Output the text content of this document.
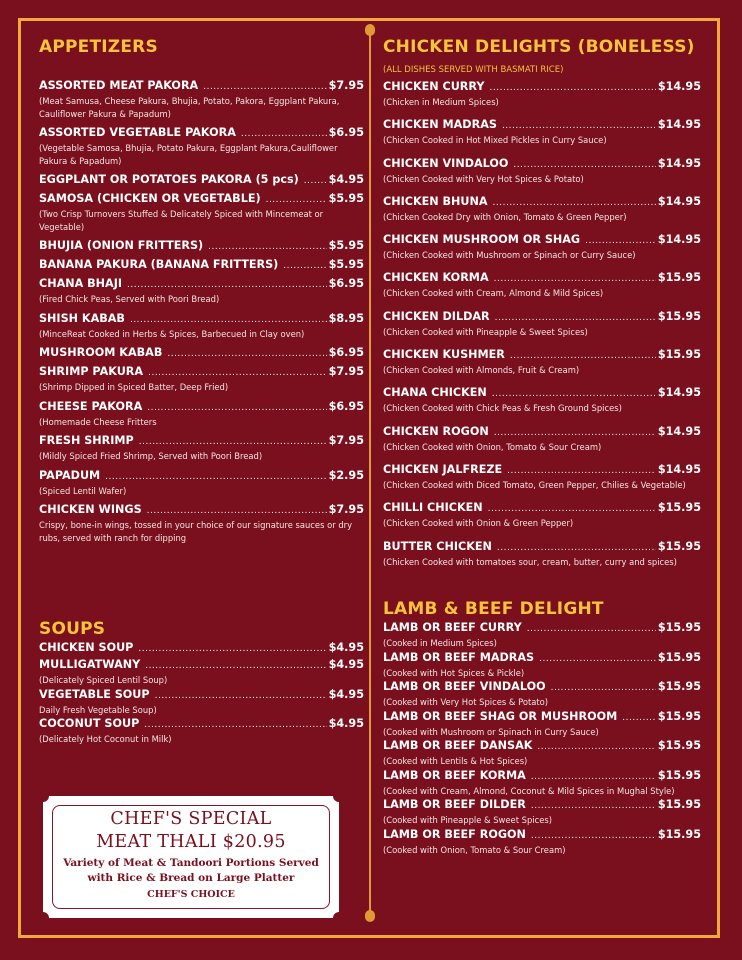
APPETIZERS
ASSORTED MEAT PAKORA .....	$7.95
(Meat Samusa, Cheese Pakura, Bhujia, Potato, Pakora, Eggplant Pakura, Cauliflower Pakura & Papadum)
ASSORTED VEGETABLE PAKORA .....	$6.95
(Vegetable Samosa, Bhujia, Potato Pakura, Eggplant Pakura,Cauliflower Pakura & Papadum)
EGGPLANT OR POTATOES PAKORA (5 pcs) .....	$4.95
SAMOSA (CHICKEN OR VEGETABLE) .....	$5.95
(Two Crisp Turnovers Stuffed & Delicately Spiced with Mincemeat or Vegetable)
BHUJIA (ONION FRITTERS) .....	$5.95
BANANA PAKURA (BANANA FRITTERS) .....	$5.95
CHANA BHAJI .....	$6.95
(Fired Chick Peas, Served with Poori Bread)
SHISH KABAB .....	$8.95
(MinceReat Cooked in Herbs & Spices, Barbecued in Clay oven)
MUSHROOM KABAB .....	$6.95
SHRIMP PAKURA .....	$7.95
(Shrimp Dipped in Spiced Batter, Deep Fried)
CHEESE PAKORA .....	$6.95
(Homemade Cheese Fritters
FRESH SHRIMP .....	$7.95
(Mildly Spiced Fried Shrimp, Served with Poori Bread)
PAPADUM .....	$2.95
(Spiced Lentil Wafer)
CHICKEN WINGS .....	$7.95
Crispy, bone-in wings, tossed in your choice of our signature sauces or dry rubs, served with ranch for dipping
SOUPS
CHICKEN SOUP .....	$4.95
MULLIGATWANY .....	$4.95
(Delicately Spiced Lentil Soup)
VEGETABLE SOUP .....	$4.95
Daily Fresh Vegetable Soup)
COCONUT SOUP .....	$4.95
(Delicately Hot Coconut in Milk)
CHEF'S SPECIAL
MEAT THALI $20.95
Variety of Meat & Tandoori Portions Served
with Rice & Bread on Large Platter
CHEF'S CHOICE
CHICKEN DELIGHTS (BONELESS)
(ALL DISHES SERVED WITH BASMATI RICE)
CHICKEN CURRY .....	$14.95
(Chicken in Medium Spices)
CHICKEN MADRAS .....	$14.95
(Chicken Cooked in Hot Mixed Pickles in Curry Sauce)
CHICKEN VINDALOO .....	$14.95
(Chicken Cooked with Very Hot Spices & Potato)
CHICKEN BHUNA .....	$14.95
(Chicken Cooked Dry with Onion, Tomato & Green Pepper)
CHICKEN MUSHROOM OR SHAG .....	$14.95
(Chicken Cooked with Mushroom or Spinach or Curry Sauce)
CHICKEN KORMA .....	$15.95
(Chicken Cooked with Cream, Almond & Mild Spices)
CHICKEN DILDAR .....	$15.95
(Chicken Cooked with Pineapple & Sweet Spices)
CHICKEN KUSHMER .....	$15.95
(Chicken Cooked with Almonds, Fruit & Cream)
CHANA CHICKEN .....	$14.95
(Chicken Cooked with Chick Peas & Fresh Ground Spices)
CHICKEN ROGON .....	$14.95
(Chicken Cooked with Onion, Tomato & Sour Cream)
CHICKEN JALFREZE .....	$14.95
(Chicken Cooked with Diced Tomato, Green Pepper, Chilies & Vegetable)
CHILLI CHICKEN .....	$15.95
(Chicken Cooked with Onion & Green Pepper)
BUTTER CHICKEN .....	$15.95
(Chicken Cooked with tomatoes sour, cream, butter, curry and spices)
LAMB & BEEF DELIGHT
LAMB OR BEEF CURRY .....	$15.95
(Cooked in Medium Spices)
LAMB OR BEEF MADRAS .....	$15.95
(Cooked with Hot Spices & Pickle)
LAMB OR BEEF VINDALOO .....	$15.95
(Cooked with Very Hot Spices & Potato)
LAMB OR BEEF SHAG OR MUSHROOM .....	$15.95
(Cooked with Mushroom or Spinach in Curry Sauce)
LAMB OR BEEF DANSAK .....	$15.95
(Cooked with Lentils & Hot Spices)
LAMB OR BEEF KORMA .....	$15.95
(Cooked with Cream, Almond, Coconut & Mild Spices in Mughal Style)
LAMB OR BEEF DILDER .....	$15.95
(Cooked with Pineapple & Sweet Spices)
LAMB OR BEEF ROGON .....	$15.95
(Cooked with Onion, Tomato & Sour Cream)
